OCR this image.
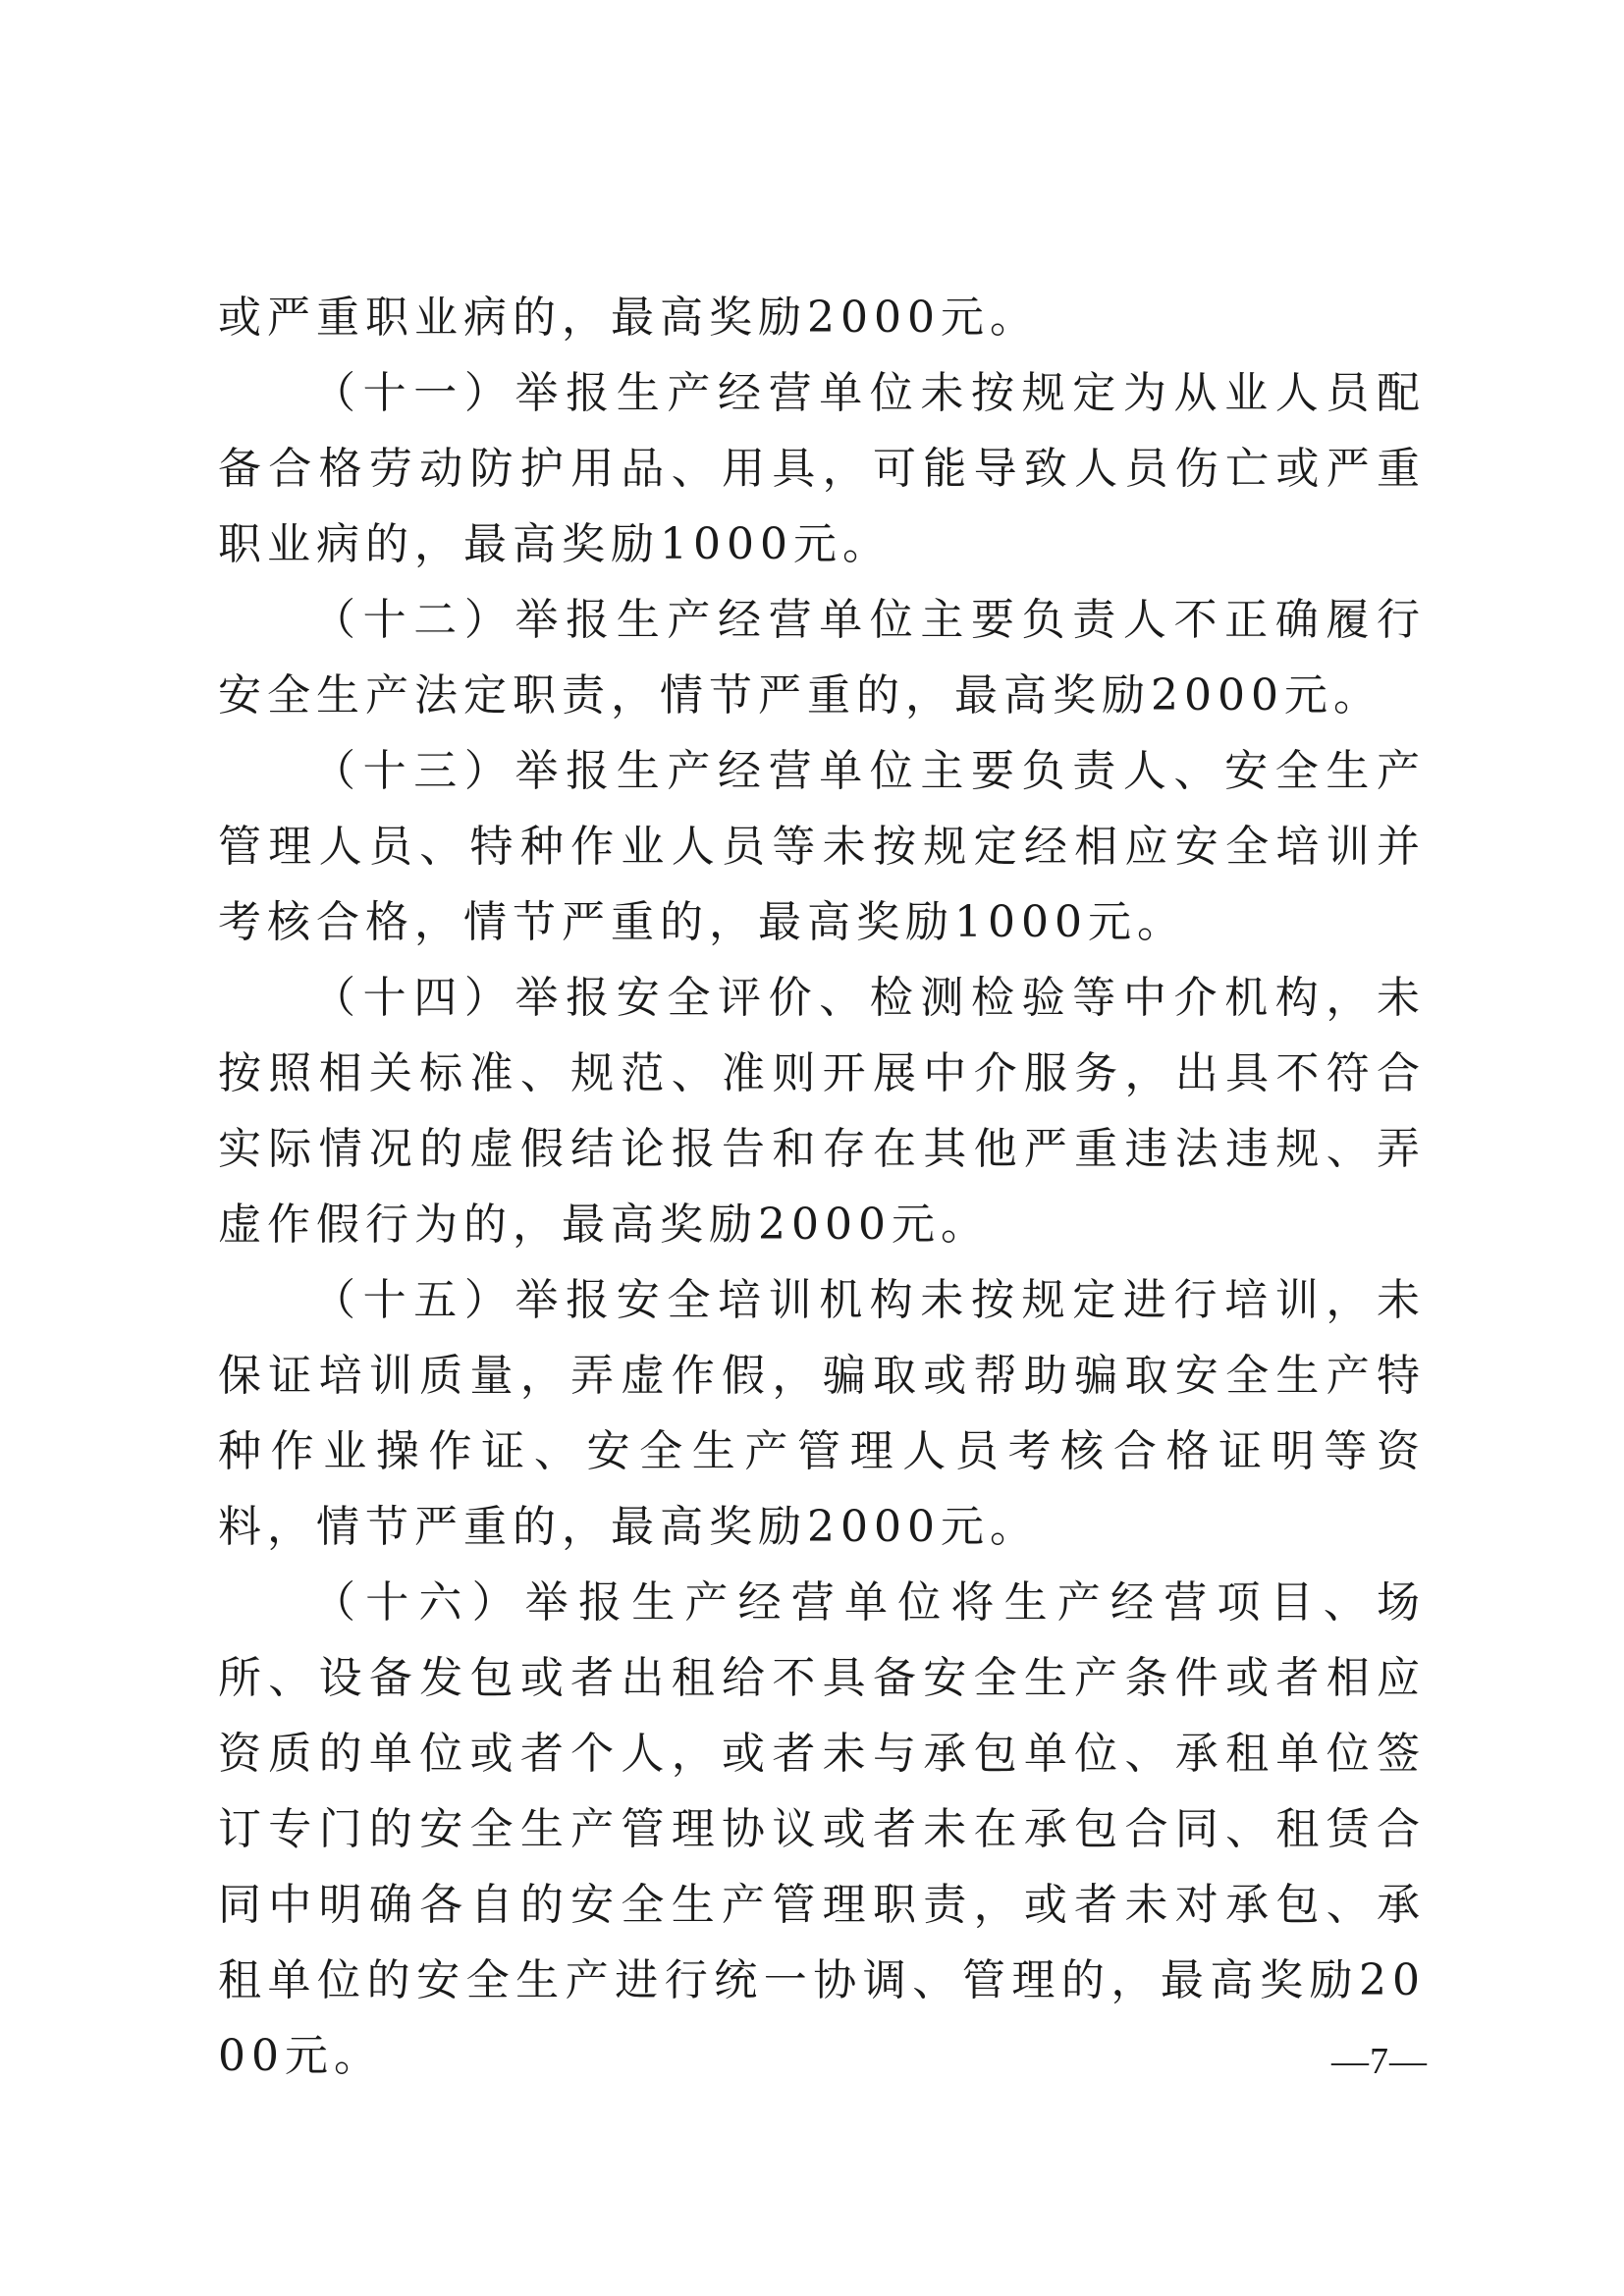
或严重职业病的，最高奖励2000元。

（十一）举报生产经营单位未按规定为从业人员配备合格劳动防护用品、用具，可能导致人员伤亡或严重职业病的，最高奖励1000元。

（十二）举报生产经营单位主要负责人不正确履行安全生产法定职责，情节严重的，最高奖励2000元。

（十三）举报生产经营单位主要负责人、安全生产管理人员、特种作业人员等未按规定经相应安全培训并考核合格，情节严重的，最高奖励1000元。

（十四）举报安全评价、检测检验等中介机构，未按照相关标准、规范、准则开展中介服务，出具不符合实际情况的虚假结论报告和存在其他严重违法违规、弄虚作假行为的，最高奖励2000元。

（十五）举报安全培训机构未按规定进行培训，未保证培训质量，弄虚作假，骗取或帮助骗取安全生产特种作业操作证、安全生产管理人员考核合格证明等资料，情节严重的，最高奖励2000元。

（十六）举报生产经营单位将生产经营项目、场所、设备发包或者出租给不具备安全生产条件或者相应资质的单位或者个人，或者未与承包单位、承租单位签订专门的安全生产管理协议或者未在承包合同、租赁合同中明确各自的安全生产管理职责，或者未对承包、承租单位的安全生产进行统一协调、管理的，最高奖励2000元。	—7—
